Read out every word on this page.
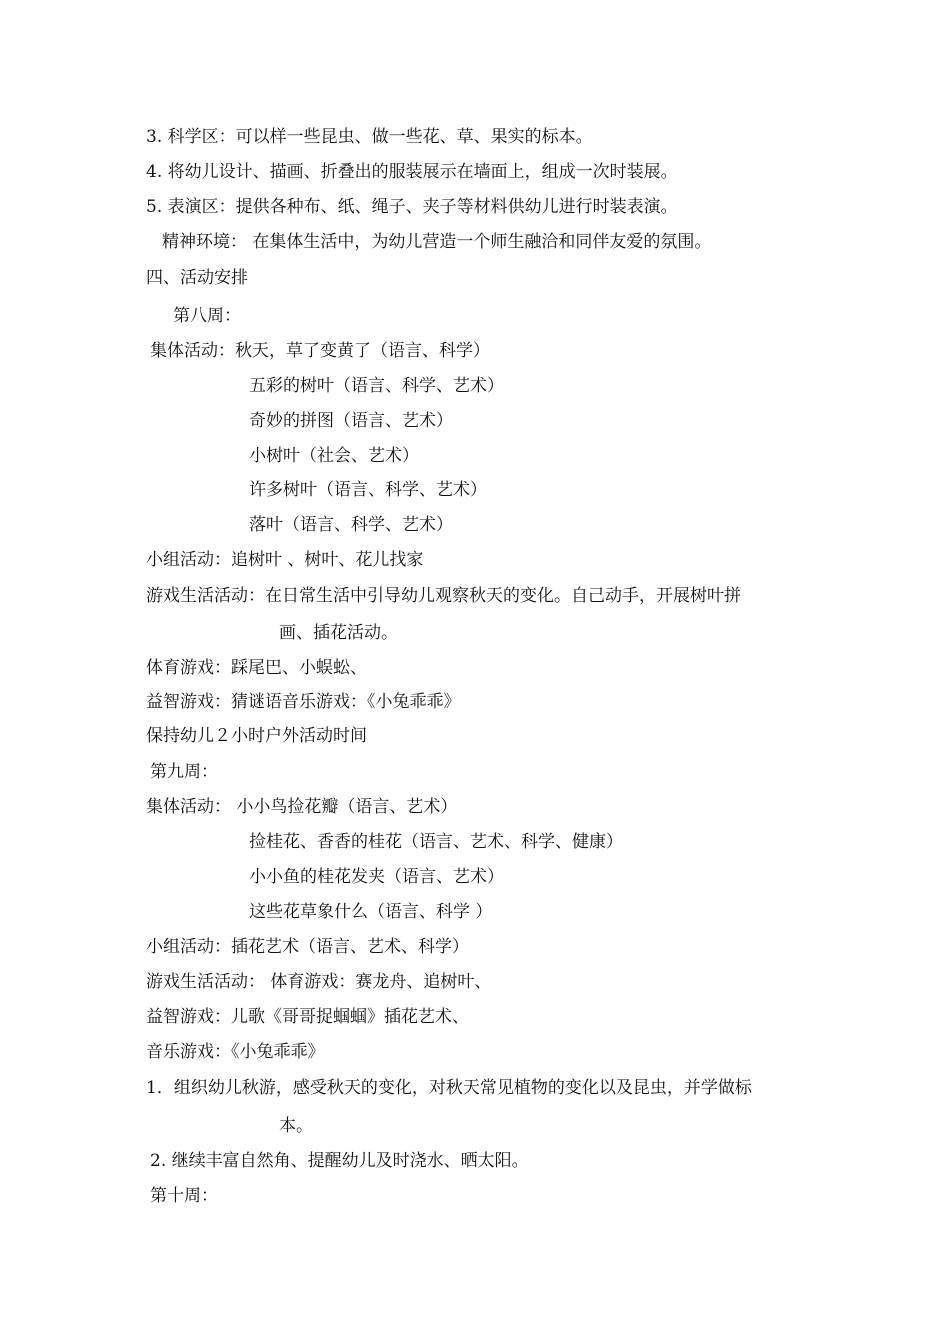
3. 科学区：可以样一些昆虫、做一些花、草、果实的标本。
4. 将幼儿设计、描画、折叠出的服装展示在墙面上，组成一次时装展。
5. 表演区：提供各种布、纸、绳子、夹子等材料供幼儿进行时装表演。
精神环境： 在集体生活中，为幼儿营造一个师生融洽和同伴友爱的氛围。
四、活动安排
第八周：
集体活动：秋天，草了变黄了（语言、科学）
五彩的树叶（语言、科学、艺术）
奇妙的拼图（语言、艺术）
小树叶（社会、艺术）
许多树叶（语言、科学、艺术）
落叶（语言、科学、艺术）
小组活动：追树叶 、树叶、花儿找家
游戏生活活动：在日常生活中引导幼儿观察秋天的变化。自己动手，开展树叶拼
画、插花活动。
体育游戏：踩尾巴、小蜈蚣、
益智游戏：猜谜语音乐游戏：《小兔乖乖》
保持幼儿２小时户外活动时间
第九周：
集体活动： 小小鸟捡花瓣（语言、艺术）
捡桂花、香香的桂花（语言、艺术、科学、健康）
小小鱼的桂花发夹（语言、艺术）
这些花草象什么（语言、科学 ）
小组活动：插花艺术（语言、艺术、科学）
游戏生活活动： 体育游戏：赛龙舟、追树叶、
益智游戏：儿歌《哥哥捉蝈蝈》插花艺术、
音乐游戏：《小兔乖乖》
1．组织幼儿秋游，感受秋天的变化，对秋天常见植物的变化以及昆虫，并学做标
本。
2. 继续丰富自然角、提醒幼儿及时浇水、晒太阳。
第十周：
